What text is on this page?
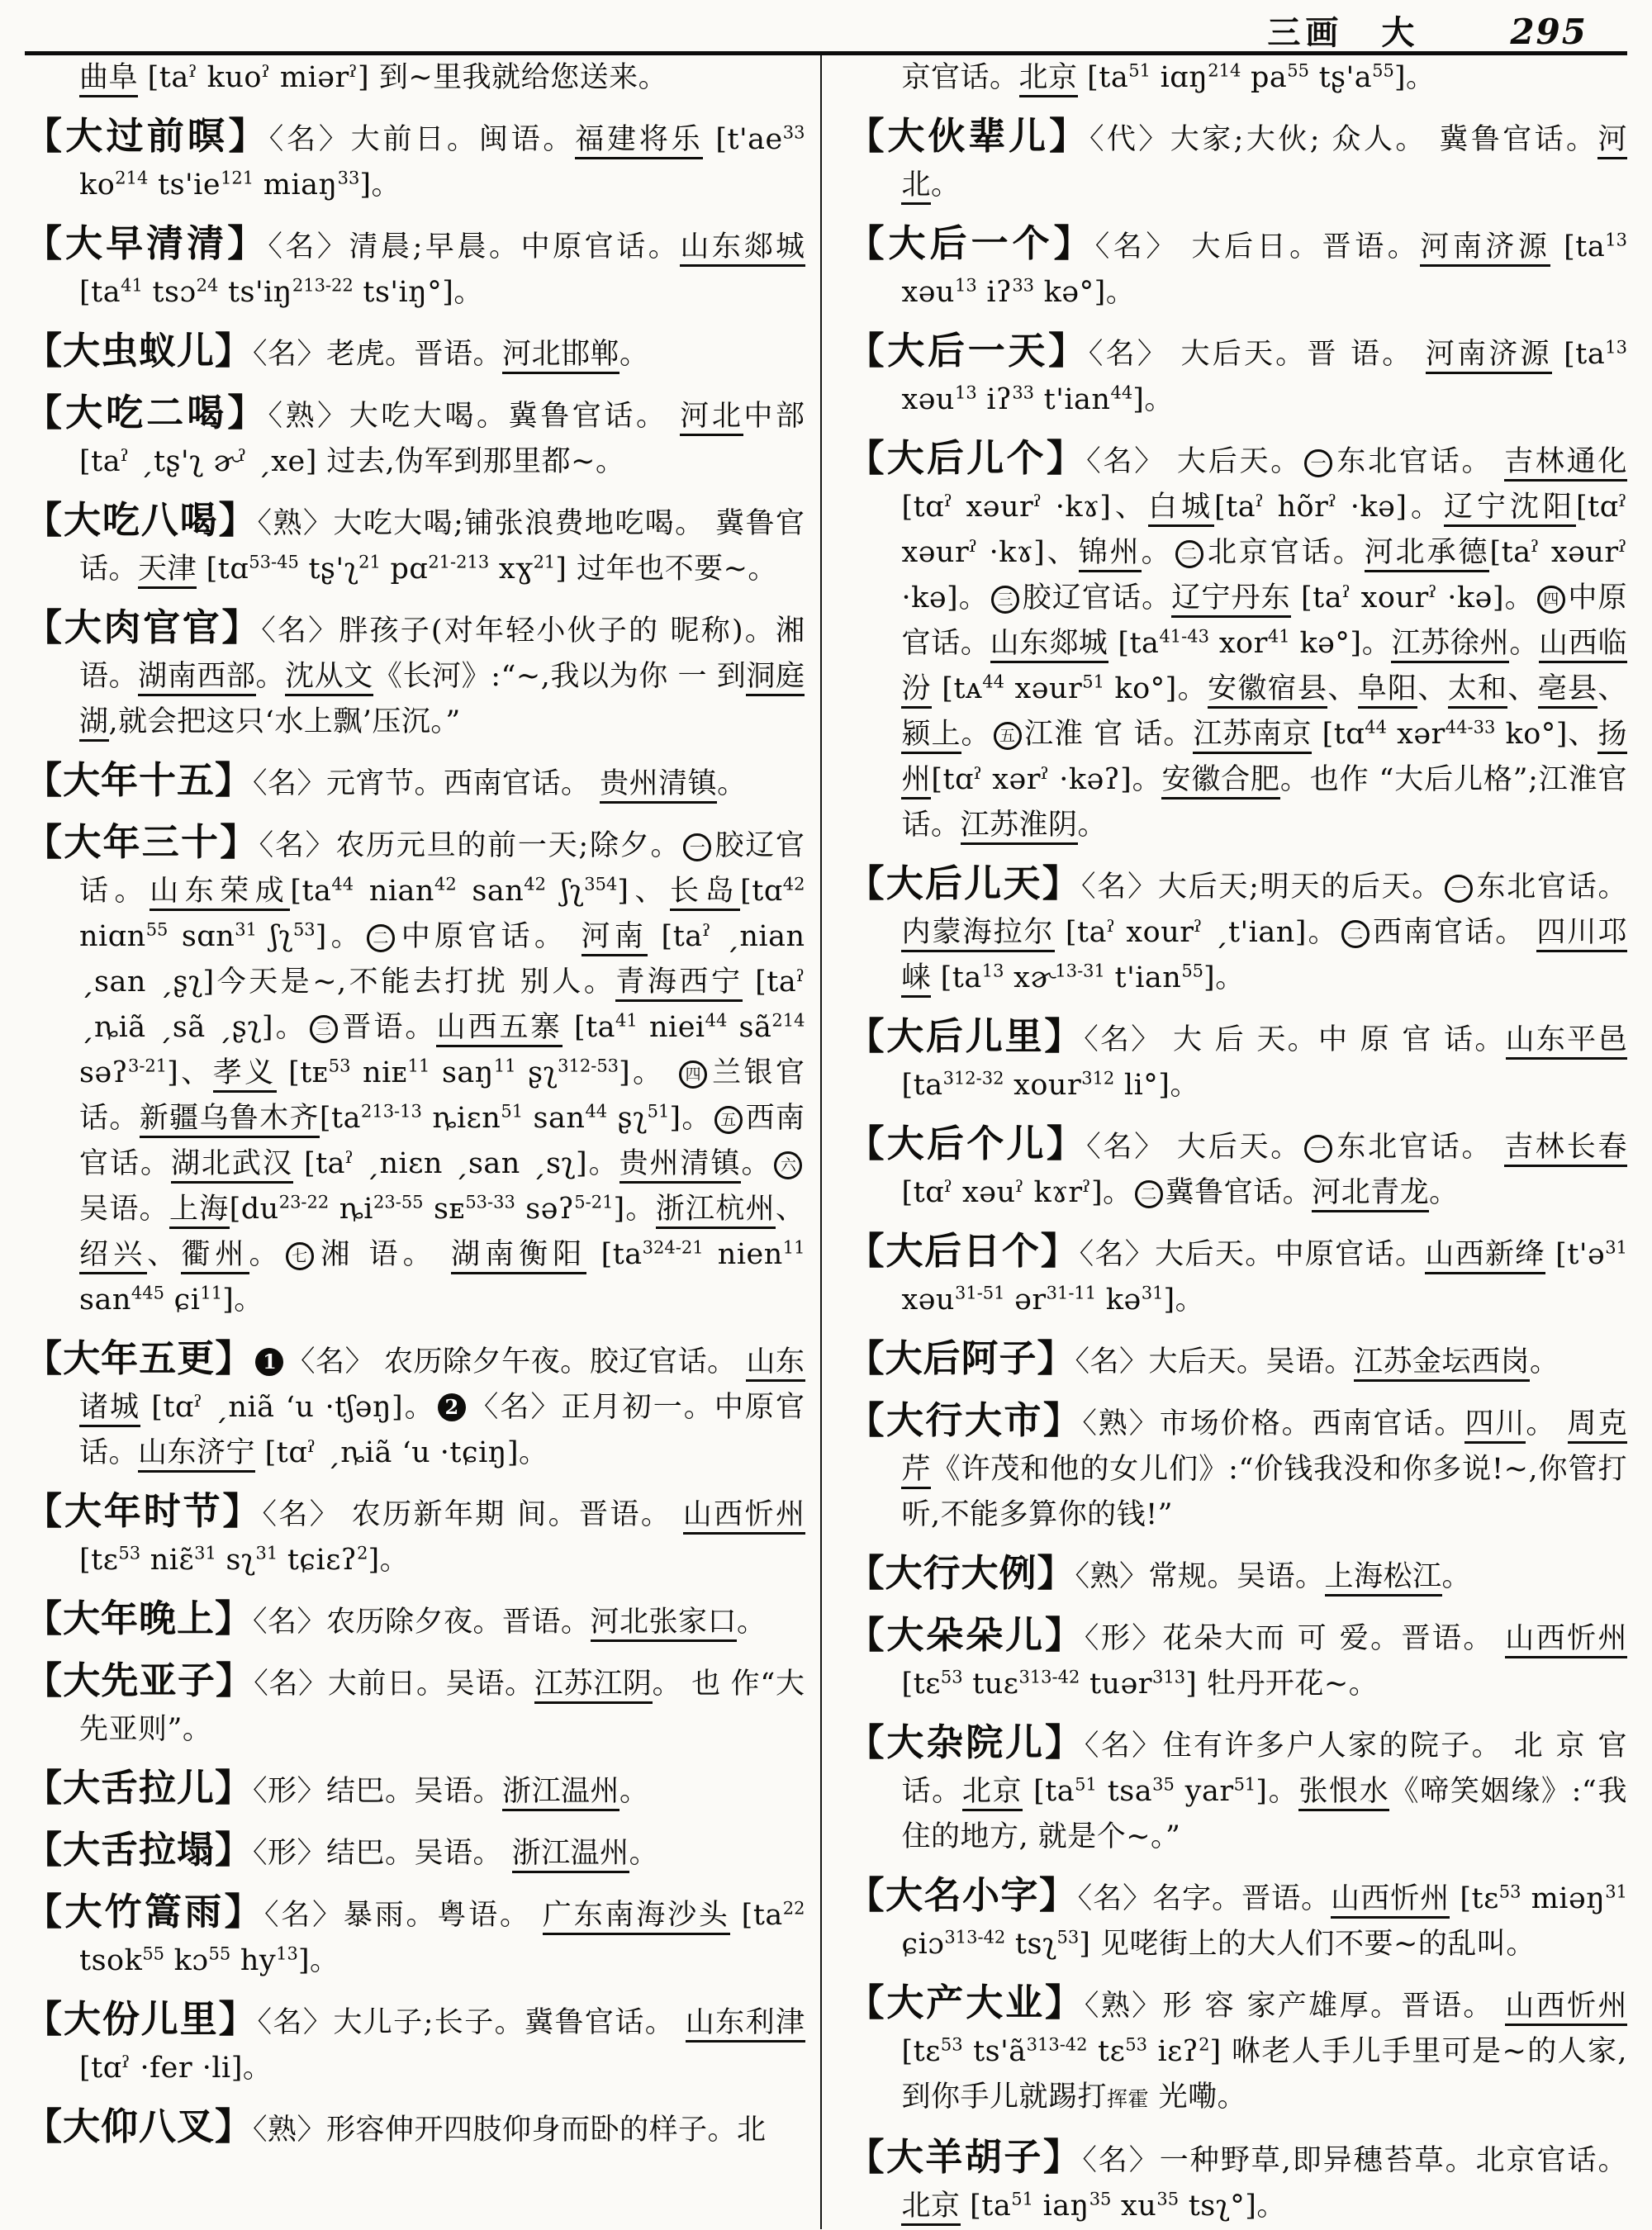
三画　大	295
曲阜 [taˀ kuoˀ miərˀ] 到~里我就给您送来。
【大过前暝】〈名〉大前日。闽语。福建将乐 [$t'ae^{33}$ $ko^{214}$ $ts'ie^{121}$ miaŋ$^{33}$]。
【大早清清】〈名〉清晨;早晨。中原官话。山东郯城 [$ta^{41}$ tsɔ$^{24}$ $ts'iŋ^{213-22}$ ts'iŋ°]。
【大虫蚁儿】〈名〉老虎。晋语。河北邯郸。
【大吃二喝】〈熟〉大吃大喝。冀鲁官话。 河北中部 [taˀ ˏtʂ'ʅ ɚˀ ˏxe] 过去,伪军到那里都~。
【大吃八喝】〈熟〉大吃大喝;铺张浪费地吃喝。 冀鲁官话。天津 [tɑ$^{53-45}$ tʂ'ʅ$^{21}$ pɑ$^{21-213}$ xɣ$^{21}$] 过年也不要~。
【大肉官官】〈名〉胖孩子(对年轻小伙子的 昵称)。湘语。湖南西部。沈从文《长河》:“~,我以为你 一 到洞庭湖,就会把这只‘水上飘’压沉。”
【大年十五】〈名〉元宵节。西南官话。 贵州清镇。
【大年三十】〈名〉农历元旦的前一天;除夕。 一 胶辽官话。山东荣成[$ta^{44}$ nian$^{42}$ san$^{42}$ ʃʅ$^{354}$]、长岛[tɑ$^{42}$ niɑn$^{55}$ sɑn$^{31}$ ʃʅ$^{53}$]。 二 中原官话。 河南 [taˀ ˏnian ˏsan ˏʂʅ]今天是~,不能去打扰 别人。青海西宁 [taˀ ˏȵiã ˏsã ˏʂʅ]。 三 晋语。山西五寨 [$ta^{41}$ niei$^{44}$ $sã^{214}$ səʔ$^{3-21}$]、孝义 [tᴇ$^{53}$ niᴇ$^{11}$ saŋ$^{11}$ ʂʅ$^{312-53}$]。 四 兰银官话。新疆乌鲁木齐[$ta^{213-13}$ ȵiɛn$^{51}$ san$^{44}$ ʂʅ$^{51}$]。 五 西南官话。湖北武汉 [taˀ ˏniɛn ˏsan ˏsʅ]。贵州清镇。 六吴语。上海[$du^{23-22}$ $ȵi^{23-55}$ sᴇ$^{53-33}$ səʔ$^{5-21}$]。浙江杭州、绍兴、衢州。 七 湘 语。 湖南衡阳 [$ta^{324-21}$ nien$^{11}$ san$^{445}$ ɕi$^{11}$]。
【大年五更】 1 〈名〉 农历除夕午夜。胶辽官话。 山东诸城 [tɑˀ ˏniã ʻu ·tʃəŋ]。 2 〈名〉正月初一。中原官话。山东济宁 [tɑˀ ˏȵiã ʻu ·tɕiŋ]。
【大年时节】〈名〉 农历新年期 间。晋语。 山西忻州 [tɛ$^{53}$ niɛ̃$^{31}$ sʅ$^{31}$ tɕiɛʔ$^2$]。
【大年晚上】〈名〉农历除夕夜。晋语。河北张家口。
【大先亚子】〈名〉大前日。吴语。江苏江阴。 也 作“大先亚则”。
【大舌拉儿】〈形〉结巴。吴语。浙江温州。
【大舌拉塌】〈形〉结巴。吴语。 浙江温州。
【大竹篙雨】〈名〉暴雨。粤语。 广东南海沙头 [$ta^{22}$ tsok$^{55}$ kɔ$^{55}$ $hy^{13}$]。
【大份儿里】〈名〉大儿子;长子。冀鲁官话。 山东利津 [tɑˀ ·fer ·li]。
【大仰八叉】〈熟〉形容伸开四肢仰身而卧的样子。北
京官话。北京 [$ta^{51}$ iɑŋ$^{214}$ $pa^{55}$ $tʂ'a^{55}$]。
【大伙辈儿】〈代〉大家;大伙; 众人。 冀鲁官话。河北。
【大后一个】〈名〉 大后日。晋语。河南济源 [$ta^{13}$ xəu$^{13}$ iʔ$^{33}$ kə°]。
【大后一天】〈名〉 大后天。晋 语。 河南济源 [$ta^{13}$ xəu$^{13}$ iʔ$^{33}$ t'ian$^{44}$]。
【大后儿个】〈名〉 大后天。 一 东北官话。 吉林通化 [tɑˀ xəurˀ ·kɤ]、白城[taˀ hõrˀ ·kə]。辽宁沈阳[tɑˀ xəurˀ ·kɤ]、锦州。 二 北京官话。河北承德[taˀ xəurˀ ·kə]。 三 胶辽官话。辽宁丹东 [taˀ xourˀ ·kə]。 四 中原官话。山东郯城 [$ta^{41-43}$ xor$^{41}$ kə°]。江苏徐州。山西临汾 [tᴀ$^{44}$ xəur$^{51}$ ko°]。安徽宿县、阜阳、太和、亳县、颍上。 五 江淮 官 话。江苏南京 [tɑ$^{44}$ xər$^{44-33}$ ko°]、扬州[tɑˀ xərˀ ·kəʔ]。安徽合肥。也作 “大后儿格”;江淮官话。江苏淮阴。
【大后儿天】〈名〉大后天;明天的后天。 一 东北官话。内蒙海拉尔 [taˀ xourˀ ˏt'ian]。 二 西南官话。 四川邛崃 [$ta^{13}$ xɚ$^{13-31}$ t'ian$^{55}$]。
【大后儿里】〈名〉 大 后 天。中 原 官 话。山东平邑 [$ta^{312-32}$ xour$^{312}$ li°]。
【大后个儿】〈名〉 大后天。 一 东北官话。 吉林长春 [tɑˀ xəuˀ kɤrˀ]。 二 冀鲁官话。河北青龙。
【大后日个】〈名〉大后天。中原官话。山西新绛 [t'ə$^{31}$ xəu$^{31-51}$ ər$^{31-11}$ kə$^{31}$]。
【大后阿子】〈名〉大后天。吴语。江苏金坛西岗。
【大行大市】〈熟〉市场价格。西南官话。四川。 周克芹《许茂和他的女儿们》:“价钱我没和你多说!~,你管打听,不能多算你的钱!”
【大行大例】〈熟〉常规。吴语。上海松江。
【大朵朵儿】〈形〉花朵大而 可 爱。晋语。 山西忻州 [tɛ$^{53}$ tuɛ$^{313-42}$ tuər$^{313}$] 牡丹开花~。
【大杂院儿】〈名〉住有许多户人家的院子。 北 京 官话。北京 [$ta^{51}$ tsa$^{35}$ yar$^{51}$]。张恨水《啼笑姻缘》:“我住的地方, 就是个~。”
【大名小字】〈名〉名字。晋语。山西忻州 [tɛ$^{53}$ miəŋ$^{31}$ ɕiɔ$^{313-42}$ tsʅ$^{53}$] 见咾街上的大人们不要~的乱叫。
【大产大业】〈熟〉形 容 家产雄厚。晋语。 山西忻州 [tɛ$^{53}$ $ts'ã^{313-42}$ tɛ$^{53}$ iɛʔ$^2$] 咻老人手儿手里可是~的人家,到你手儿就踢打挥霍 光嘞。
【大羊胡子】〈名〉一种野草,即异穗苔草。北京官话。北京 [$ta^{51}$ iaŋ$^{35}$ $xu^{35}$ tsʅ°]。
